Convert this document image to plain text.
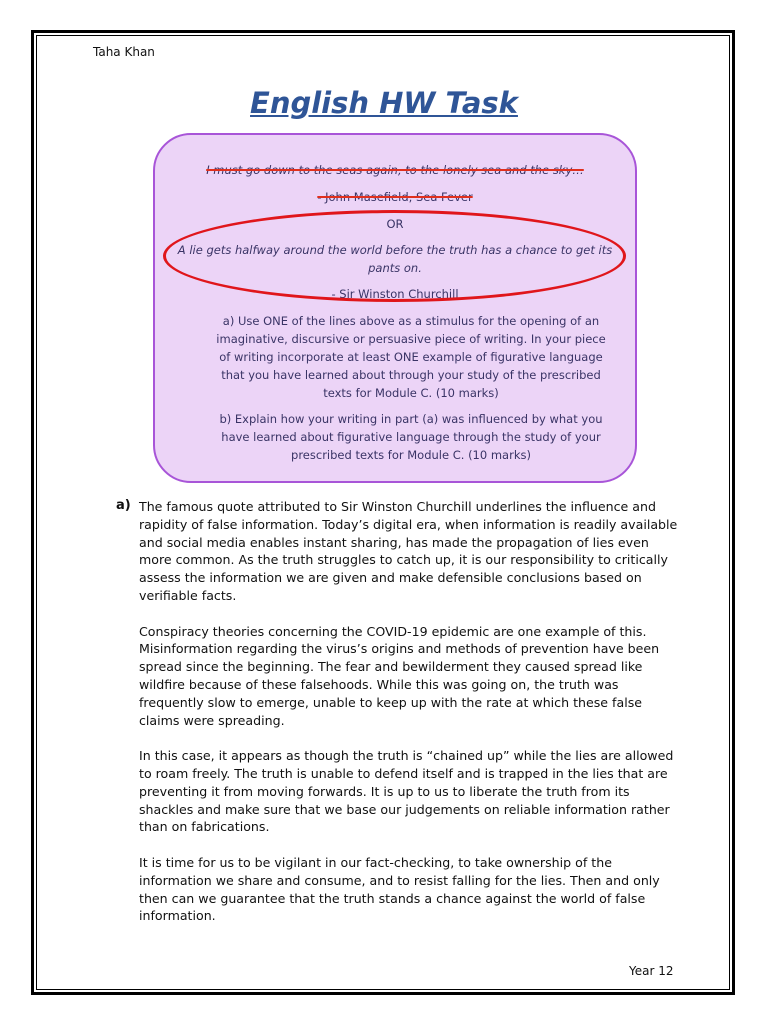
Taha Khan
English HW Task
I must go down to the seas again, to the lonely sea and the sky…
- John Masefield, Sea Fever
OR
A lie gets halfway around the world before the truth has a chance to get its
pants on.
- Sir Winston Churchill
a) Use ONE of the lines above as a stimulus for the opening of an imaginative, discursive or persuasive piece of writing. In your piece of writing incorporate at least ONE example of figurative language that you have learned about through your study of the prescribed texts for Module C. (10 marks)
b) Explain how your writing in part (a) was influenced by what you have learned about figurative language through the study of your prescribed texts for Module C. (10 marks)
a) The famous quote attributed to Sir Winston Churchill underlines the influence and rapidity of false information. Today’s digital era, when information is readily available and social media enables instant sharing, has made the propagation of lies even more common. As the truth struggles to catch up, it is our responsibility to critically assess the information we are given and make defensible conclusions based on verifiable facts.

Conspiracy theories concerning the COVID-19 epidemic are one example of this. Misinformation regarding the virus’s origins and methods of prevention have been spread since the beginning. The fear and bewilderment they caused spread like wildfire because of these falsehoods. While this was going on, the truth was frequently slow to emerge, unable to keep up with the rate at which these false claims were spreading.

In this case, it appears as though the truth is “chained up” while the lies are allowed to roam freely. The truth is unable to defend itself and is trapped in the lies that are preventing it from moving forwards. It is up to us to liberate the truth from its shackles and make sure that we base our judgements on reliable information rather than on fabrications.

It is time for us to be vigilant in our fact-checking, to take ownership of the information we share and consume, and to resist falling for the lies. Then and only then can we guarantee that the truth stands a chance against the world of false information.

Year 12
